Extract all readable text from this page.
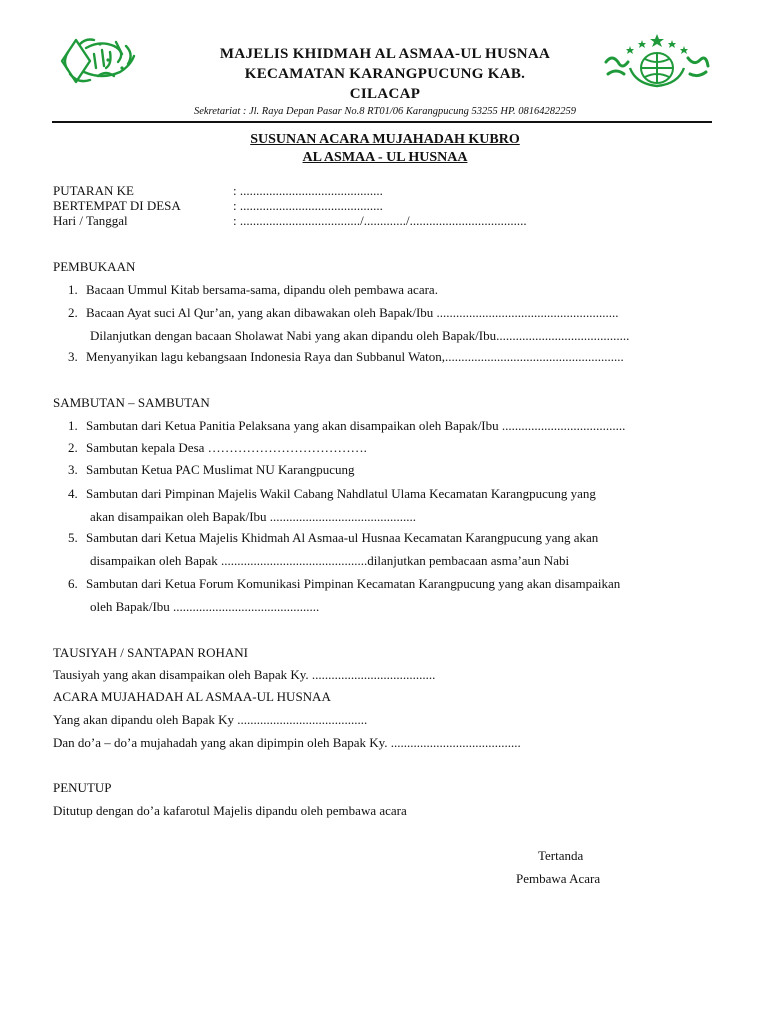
MAJELIS KHIDMAH AL ASMAA-UL HUSNAA
KECAMATAN KARANGPUCUNG KAB.
CILACAP
Sekretariat : Jl. Raya Depan Pasar No.8 RT01/06 Karangpucung 53255 HP. 08164282259
SUSUNAN ACARA MUJAHADAH KUBRO
AL ASMAA - UL HUSNAA
PUTARAN KE	: ............................................
BERTEMPAT DI DESA	: ............................................
Hari / Tanggal	: ...................................../............./....................................
PEMBUKAAN
1. Bacaan Ummul Kitab bersama-sama, dipandu oleh pembawa acara.
2. Bacaan Ayat suci Al Qur’an, yang akan dibawakan oleh Bapak/Ibu ........................................................
Dilanjutkan dengan bacaan Sholawat Nabi yang akan dipandu oleh Bapak/Ibu.........................................
3. Menyanyikan lagu kebangsaan Indonesia Raya dan Subbanul Waton,.......................................................
SAMBUTAN – SAMBUTAN
1. Sambutan dari Ketua Panitia Pelaksana yang akan disampaikan oleh Bapak/Ibu ......................................
2. Sambutan kepala Desa ……………………………….
3. Sambutan Ketua PAC Muslimat NU Karangpucung
4. Sambutan dari Pimpinan Majelis Wakil Cabang Nahdlatul Ulama Kecamatan Karangpucung yang
akan disampaikan oleh Bapak/Ibu .............................................
5. Sambutan dari Ketua Majelis Khidmah Al Asmaa-ul Husnaa Kecamatan Karangpucung yang akan
disampaikan oleh Bapak .............................................dilanjutkan pembacaan asma’aun Nabi
6. Sambutan dari Ketua Forum Komunikasi Pimpinan Kecamatan Karangpucung yang akan disampaikan
oleh Bapak/Ibu .............................................
TAUSIYAH / SANTAPAN ROHANI
Tausiyah yang akan disampaikan oleh Bapak Ky. ......................................
ACARA MUJAHADAH AL ASMAA-UL HUSNAA
Yang akan dipandu oleh Bapak Ky ........................................
Dan do’a – do’a mujahadah yang akan dipimpin oleh Bapak Ky. ........................................
PENUTUP
Ditutup dengan do’a kafarotul Majelis dipandu oleh pembawa acara
Tertanda
Pembawa Acara
